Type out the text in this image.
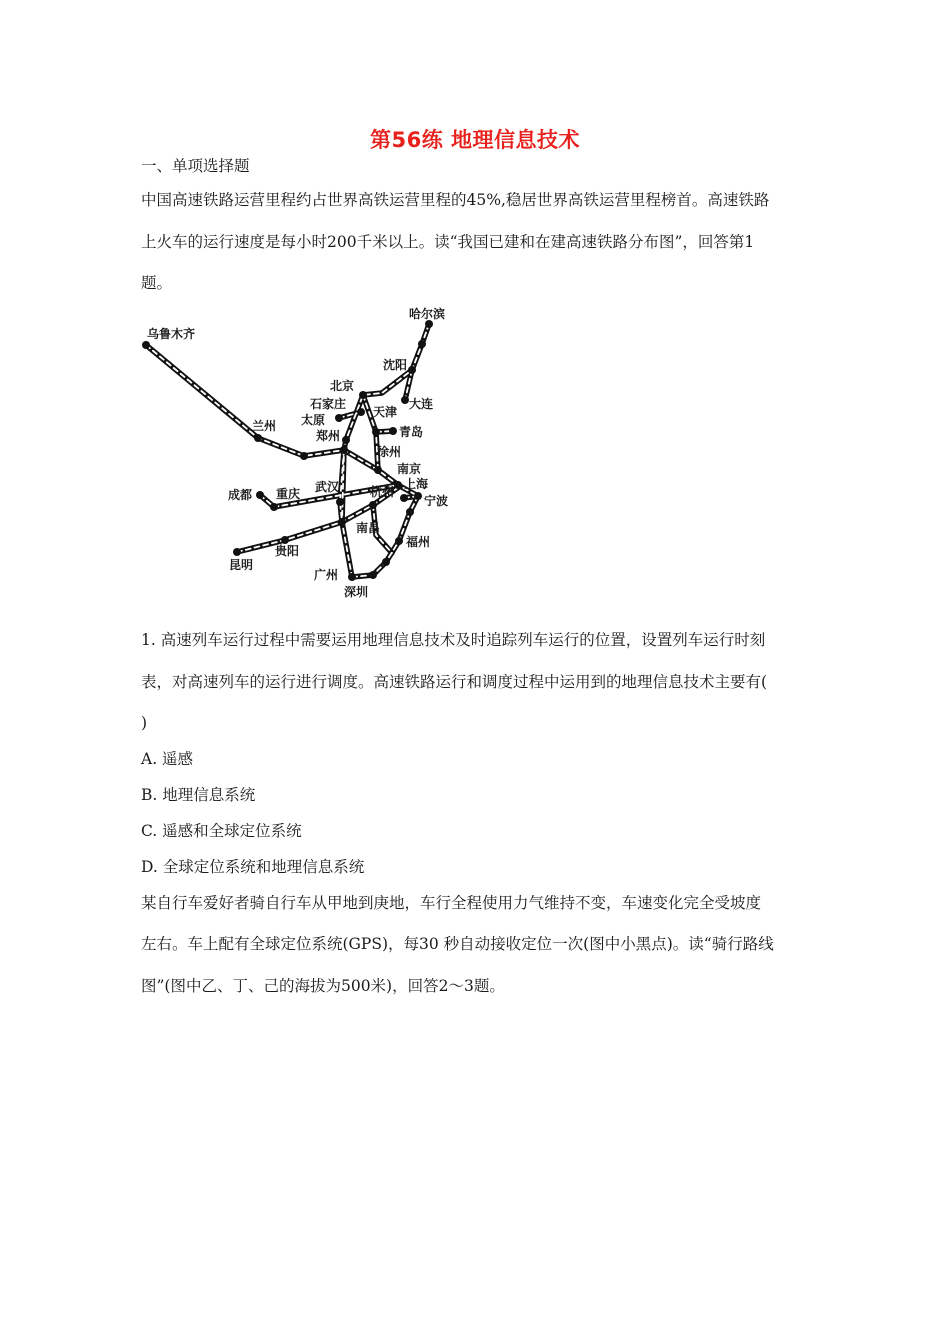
第56练 地理信息技术
一、单项选择题
中国高速铁路运营里程约占世界高铁运营里程的45%,稳居世界高铁运营里程榜首。高速铁路
上火车的运行速度是每小时200千米以上。读“我国已建和在建高速铁路分布图”，回答第1
题。
乌鲁木齐
哈尔滨
沈阳
大连
北京
石家庄
太原
天津
青岛
郑州
兰州
徐州
南京
上海
宁波
杭州
武汉
成都 重庆
南昌
福州
贵阳
昆明
广州
深圳
1. 高速列车运行过程中需要运用地理信息技术及时追踪列车运行的位置，设置列车运行时刻
表，对高速列车的运行进行调度。高速铁路运行和调度过程中运用到的地理信息技术主要有(
)
A. 遥感
B. 地理信息系统
C. 遥感和全球定位系统
D. 全球定位系统和地理信息系统
某自行车爱好者骑自行车从甲地到庚地，车行全程使用力气维持不变，车速变化完全受坡度
左右。车上配有全球定位系统(GPS)，每30 秒自动接收定位一次(图中小黑点)。读“骑行路线
图”(图中乙、丁、己的海拔为500米)，回答2～3题。
